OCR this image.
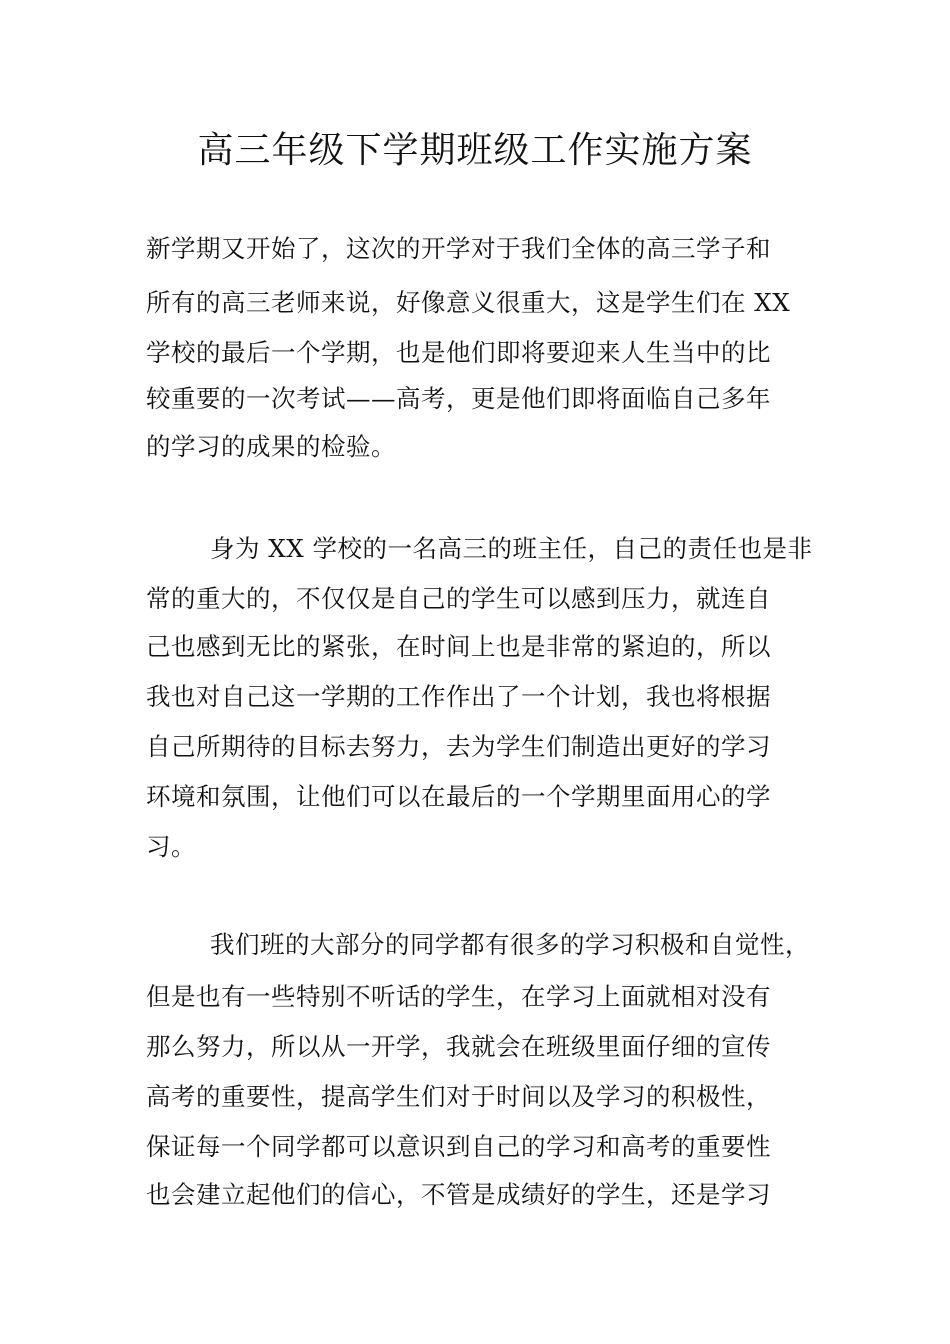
高三年级下学期班级工作实施方案
新学期又开始了，这次的开学对于我们全体的高三学子和
所有的高三老师来说，好像意义很重大，这是学生们在 XX
学校的最后一个学期，也是他们即将要迎来人生当中的比
较重要的一次考试——高考，更是他们即将面临自己多年
的学习的成果的检验。
身为 XX 学校的一名高三的班主任，自己的责任也是非
常的重大的，不仅仅是自己的学生可以感到压力，就连自
己也感到无比的紧张，在时间上也是非常的紧迫的，所以
我也对自己这一学期的工作作出了一个计划，我也将根据
自己所期待的目标去努力，去为学生们制造出更好的学习
环境和氛围，让他们可以在最后的一个学期里面用心的学
习。
我们班的大部分的同学都有很多的学习积极和自觉性，
但是也有一些特别不听话的学生，在学习上面就相对没有
那么努力，所以从一开学，我就会在班级里面仔细的宣传
高考的重要性，提高学生们对于时间以及学习的积极性，
保证每一个同学都可以意识到自己的学习和高考的重要性
也会建立起他们的信心，不管是成绩好的学生，还是学习
